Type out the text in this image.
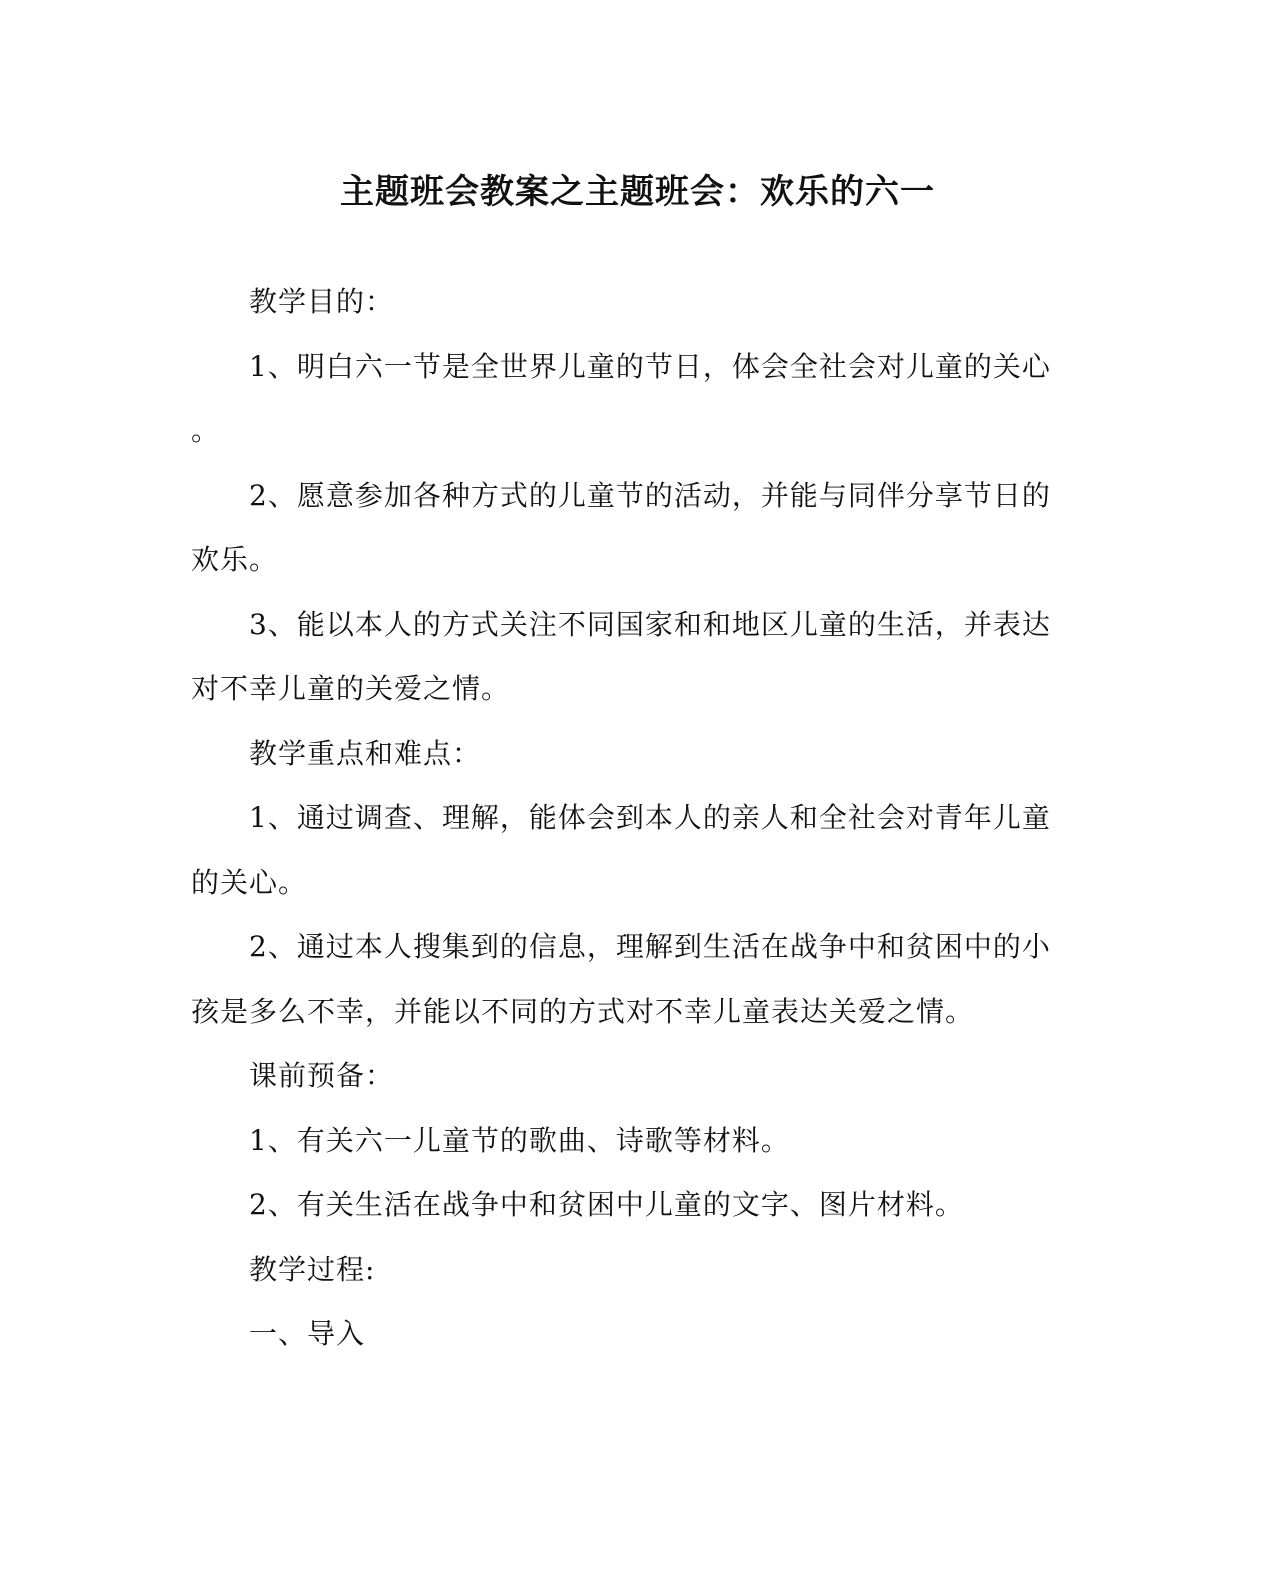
主题班会教案之主题班会：欢乐的六一

教学目的：

1、明白六一节是全世界儿童的节日，体会全社会对儿童的关心
。

2、愿意参加各种方式的儿童节的活动，并能与同伴分享节日的
欢乐。

3、能以本人的方式关注不同国家和和地区儿童的生活，并表达
对不幸儿童的关爱之情。

教学重点和难点：

1、通过调查、理解，能体会到本人的亲人和全社会对青年儿童
的关心。

2、通过本人搜集到的信息，理解到生活在战争中和贫困中的小
孩是多么不幸，并能以不同的方式对不幸儿童表达关爱之情。

课前预备：

1、有关六一儿童节的歌曲、诗歌等材料。

2、有关生活在战争中和贫困中儿童的文字、图片材料。

教学过程:

一、导入
